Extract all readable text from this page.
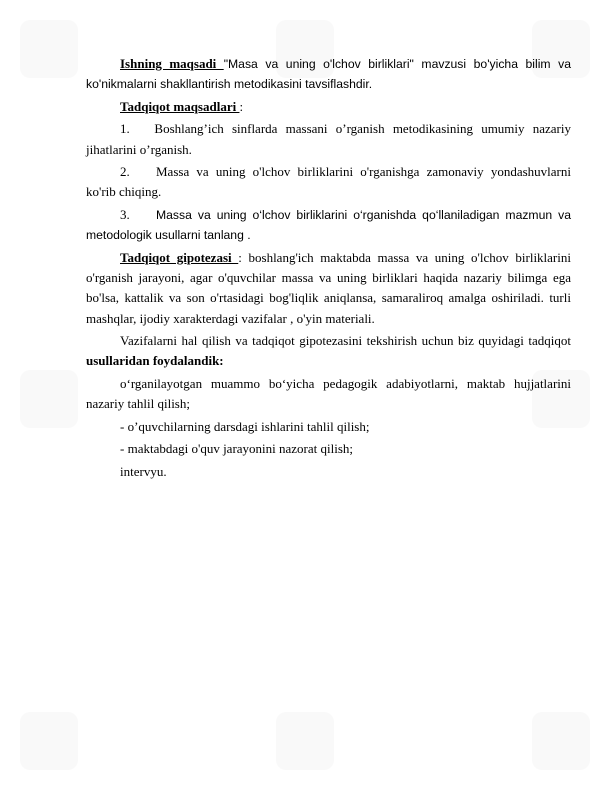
Ishning maqsadi "Masa va uning o'lchov birliklari" mavzusi bo'yicha bilim va ko'nikmalarni shakllantirish metodikasini tavsiflashdir.

Tadqiqot maqsadlari :

1. Boshlang’ich sinflarda massani o’rganish metodikasining umumiy nazariy jihatlarini o’rganish.

2. Massa va uning o'lchov birliklarini o'rganishga zamonaviy yondashuvlarni ko'rib chiqing.

3. Massa va uning o‘lchov birliklarini o‘rganishda qo‘llaniladigan mazmun va metodologik usullarni tanlang .

Tadqiqot gipotezasi : boshlang'ich maktabda massa va uning o'lchov birliklarini o'rganish jarayoni, agar o'quvchilar massa va uning birliklari haqida nazariy bilimga ega bo'lsa, kattalik va son o'rtasidagi bog'liqlik aniqlansa, samaraliroq amalga oshiriladi. turli mashqlar, ijodiy xarakterdagi vazifalar , o'yin materiali.

Vazifalarni hal qilish va tadqiqot gipotezasini tekshirish uchun biz quyidagi tadqiqot usullaridan foydalandik:

o‘rganilayotgan muammo bo‘yicha pedagogik adabiyotlarni, maktab hujjatlarini nazariy tahlil qilish;

- o’quvchilarning darsdagi ishlarini tahlil qilish;

- maktabdagi o'quv jarayonini nazorat qilish;

intervyu.
